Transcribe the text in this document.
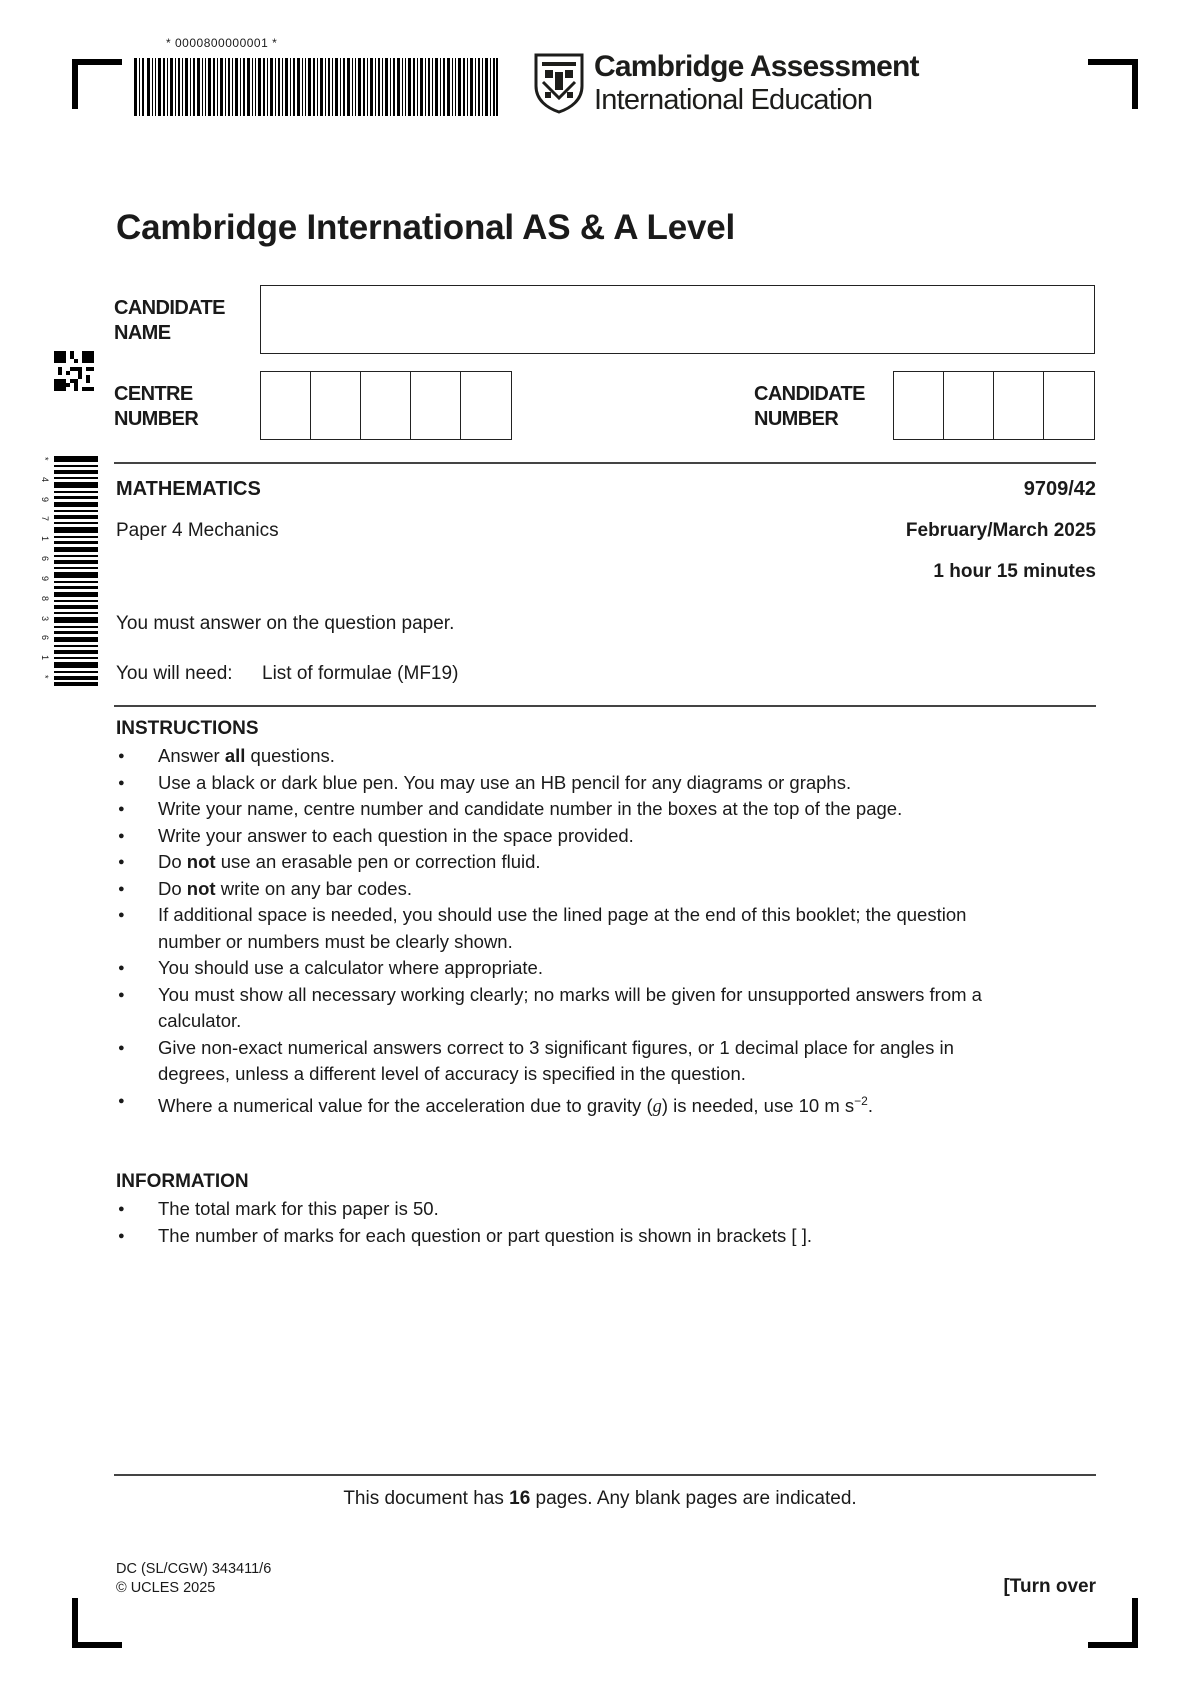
* 0000800000001 *
Cambridge Assessment
International Education
*
4
9
7
1
6
9
8
3
6
1
*
Cambridge International AS & A Level
CANDIDATE
NAME
CENTRE
NUMBER
CANDIDATE
NUMBER
MATHEMATICS	9709/42
Paper 4 Mechanics	February/March 2025
1 hour 15 minutes
You must answer on the question paper.
You will need: List of formulae (MF19)
INSTRUCTIONS
● Answer all questions.
● Use a black or dark blue pen. You may use an HB pencil for any diagrams or graphs.
● Write your name, centre number and candidate number in the boxes at the top of the page.
● Write your answer to each question in the space provided.
● Do not use an erasable pen or correction fluid.
● Do not write on any bar codes.
● If additional space is needed, you should use the lined page at the end of this booklet; the question
number or numbers must be clearly shown.
● You should use a calculator where appropriate.
● You must show all necessary working clearly; no marks will be given for unsupported answers from a
calculator.
● Give non-exact numerical answers correct to 3 significant figures, or 1 decimal place for angles in
degrees, unless a different level of accuracy is specified in the question.
● Where a numerical value for the acceleration due to gravity (g) is needed, use 10 m $s^{-2}$.
INFORMATION
● The total mark for this paper is 50.
● The number of marks for each question or part question is shown in brackets [ ].
This document has 16 pages. Any blank pages are indicated.
DC (SL/CGW) 343411/6
© UCLES 2025	[Turn over
